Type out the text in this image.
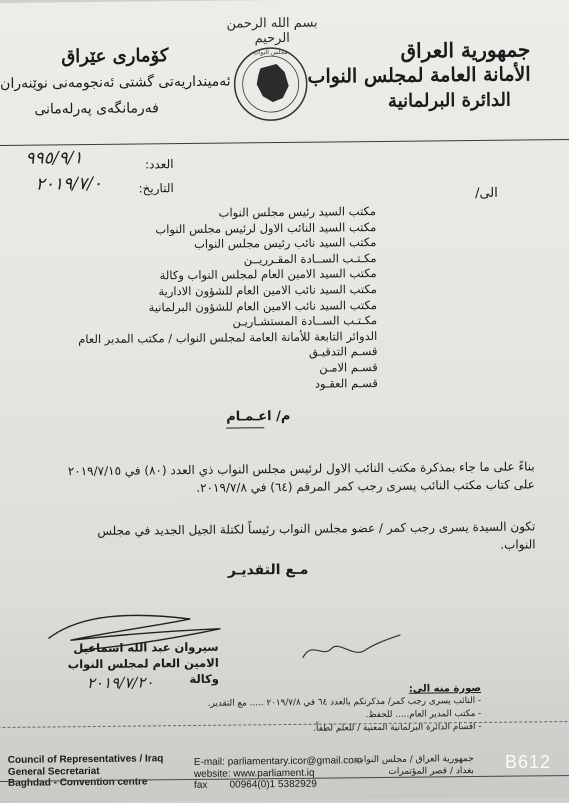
بسم الله الرحمن الرحيم	جمهورية العراق
الأمانة العامة لمجلس النواب
الدائرة البرلمانية
كۆمارى عێراق
ئەمینداریەتی گشتی ئەنجومەنی نوێنەران
فەرمانگەی پەرلەمانی
مجلس النواب
العدد:
٩٩٥/٩/١
التاريخ:
٢٠١٩/٧/٠	الى/
مكتب السيد رئيس مجلس النواب
مكتب السيد النائب الاول لرئيس مجلس النواب
مكتب السيد نائب رئيس مجلس النواب
مكـتـب الســادة المقـرريــن
مكتب السيد الامين العام لمجلس النواب وكالة
مكتب السيد نائب الامين العام للشؤون الادارية
مكتب السيد نائب الامين العام للشؤون البرلمانية
مكـتـب الســادة المستشـاريـن
الدوائر التابعة للأمانة العامة لمجلس النواب / مكتب المدير العام
قسـم التدقيـق
قسـم الامـن
قسـم العقـود
م/ اعـمـام
بناءً على ما جاء بمذكرة مكتب النائب الاول لرئيس مجلس النواب ذي العدد (٨٠) في ٢٠١٩/٧/١٥ على كتاب مكتب النائب يسرى رجب كمر المرقم (٦٤) في ٢٠١٩/٧/٨.
تكون السيدة يسرى رجب كمر / عضو مجلس النواب رئيساً لكتلة الجيل الجديد في مجلس النواب.
مـع التقديـر
سيروان عبد الله اسماعيل
الامين العام لمجلس النواب وكالة
٢٠١٩/٧/٢٠	صورة منه الى:
- النائب يسرى رجب كمر/ مذكرتكم بالعدد ٦٤ في ٢٠١٩/٧/٨ ..... مع التقدير.
- مكتب المدير العام..... للحفظ.
- اقسام الدائرة البرلمانية المعنية / للعلم لطفاً.
Council of Representatives / Iraq
General Secretariat
Baghdad - Convention centre
E-mail: parliamentary.icor@gmail.com
website: www.parliament.iq
fax        00964(0)1 5382929
جمهورية العراق / مجلس النواب
بغداد / قصر المؤتمرات B612
